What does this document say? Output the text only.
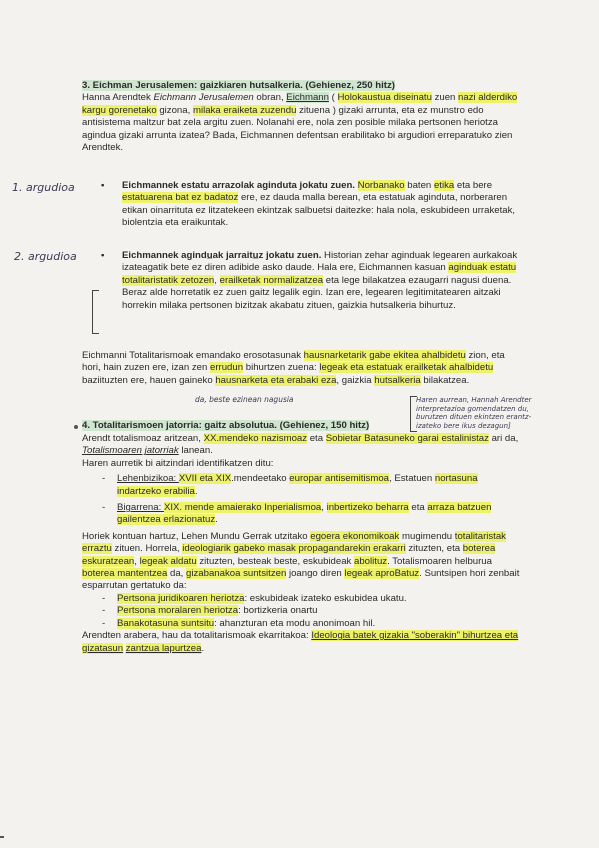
3. Eichman Jerusalemen: gaizkiaren hutsalkeria. (Gehienez, 250 hitz)

Hanna Arendtek Eichmann Jerusalemen obran, Eichmann ( Holokaustua diseinatu zuen nazi alderdiko kargu gorenetako gizona, milaka eraiketa zuzendu zituena ) gizaki arrunta, eta ez munstro edo antisistema maltzur bat zela argitu zuen. Nolanahi ere, nola zen posible milaka pertsonen heriotza agindua gizaki arrunta izatea? Bada, Eichmannen defentsan erabilitako bi argudiori erreparatuko zien Arendtek.

1. argudioa	• Eichmannek estatu arrazolak agindutа jokatu zuen. Norbanako baten etika eta bere estatuarena bat ez badatoz ere, ez dauda malla berean, eta estatuak agindutа, norberaren etikan oinarritutа ez litzatekeen ekintzak salbuetsi daitezke: hala nola, eskubideen urraketak, biolentzia eta eraikuntak.

2. argudioa	• Eichmannek agindu̲ak jarraitu̲z jokatu zuen. Historian zehar aginduak legearen aurkakoak izateagatik bete ez diren adibide asko daude. Hala ere, Eichmannen kasuan aginduak estatu totalitaristatik zetozen, erailketak normalizatzea eta lege bilakatzea ezaugarri nagusi duena. Beraz alde horretatik ez zuen gaitz legalik egin. Izan ere, legearen legitimitatearen aitzaki horrekin milaka pertsonen bizitzak akabatu zituen, gaizkia hutsalkeria bihurtuz.

Eichmanni Totalitarismoak emandako erosotasunak hausnarketarik gabe ekitea ahalbidetu zion, eta hori, hain zuzen ere, izan zen errudun bihurtzen zuena: legeak eta estatuak erailketak ahalbidetu baziituzten ere, hauen gaineko hausnarketa eta erabaki eza, gaizkia hutsalkeria bilakatzea.

da, beste ezinean nagusia	Haren aurrean, Hannah Arendter
interpretazioa gomendatzen du,
burutzen dituen ekintzen erantz-
izateko bere ikus dezagun]

4. Totalitarismoen jatorria: gaitz absolutua. (Gehienez, 150 hitz)

Arendt totalismoaz aritzean, XX.mendeko nazismoaz eta Sobietar Batasuneko garai estalinistaz ari da, Totalismoaren jatorriak lanean.

Haren aurretik bi aitzindari identifikatzen ditu:

- Lehenbizikoa: XVII eta XIX.mendeetako europar antisemitismoa, Estatuen nortasuna indartzeko erabilia.

- Bigarrena: XIX. mende amaierako Inperialismoa, inbertizeko beharra eta arraza batzuen gailentzea erlazionatuz.

Horiek kontuan hartuz, Lehen Mundu Gerrak utzitako egoera ekonomikoak mugimendu totalitaristak erraztu zituen. Horrela, ideologiarik gabeko masak propagandarekin erakarri zituzten, eta boterea eskuratzean, legeak aldatu zituzten, besteak beste, eskubideak abolituz. Totalismoaren helburua boterea mantentzea da, gizabanakoa suntsitzen joango diren legeak aproBatuz. Suntsipen hori zenbait esparrutan gertatuko da:

- Pertsona juridikoaren heriotza: eskubideak izateko eskubidea ukatu.

- Pertsona moralaren heriotza: bortizkeria onartu

- Banakotasuna suntsitu: ahanzturan eta modu anonimoan hil.

Arendten arabera, hau da totalitarismoak ekarritakoa: Ideologia batek gizakia "soberakin" bihurtzea eta gizatasun zantzua lapurtzea.
